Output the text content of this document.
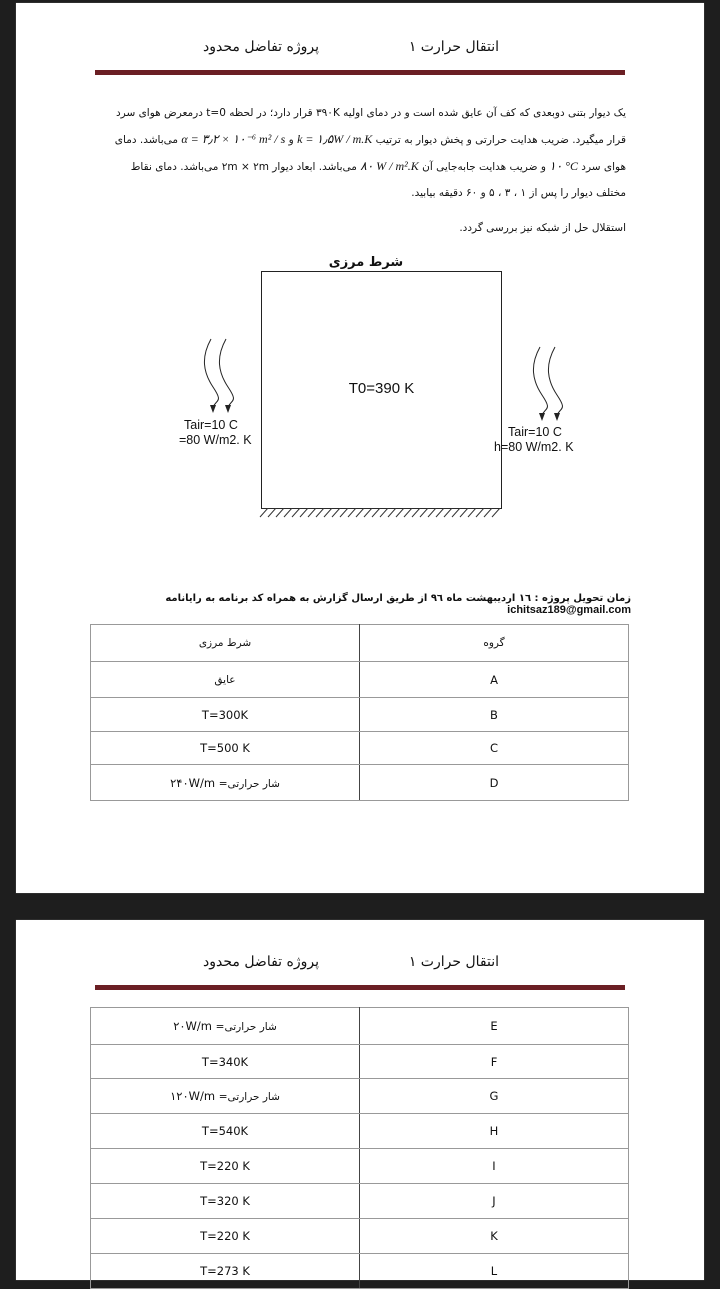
انتقال حرارت ۱
پروژه تفاضل محدود
یک دیوار بتنی دوبعدی که کف آن عایق شده است و در دمای اولیه ۳۹۰K قرار دارد؛ در لحظه t=0 درمعرض هوای سرد
قرار میگیرد. ضریب هدایت حرارتی و پخش دیوار به ترتیب k = ۱٫۵W / m.K و α = ۳٫۲ × ۱۰⁻⁶ m² / s می‌باشد. دمای
هوای سرد ۱۰ °C و ضریب هدایت جابه‌جایی آن ۸۰ W / m².K می‌باشد. ابعاد دیوار ۲m × ۲m می‌باشد. دمای نقاط
مختلف دیوار را پس از ۱ ، ۳ ، ۵ و ۶۰ دقیقه بیابید.
استقلال حل از شبکه نیز بررسی گردد.
شرط مرزی
T0=390 K
Tair=10 C
=80 W/m2. K
Tair=10 C
h=80 W/m2. K
زمان تحویل پروژه : ١٦ اردیبهشت ماه ٩٦ از طریق ارسال گزارش به همراه کد برنامه به رایانامه ichitsaz189@gmail.com
شرط مرزی	گروه
عایق	A
T=300K	B
T=500 K	C
شار حرارتی= ۲۴۰W/m	D
انتقال حرارت ۱
پروژه تفاضل محدود
شار حرارتی= ۲۰W/m	E
T=340K	F
شار حرارتی= ۱۲۰W/m	G
T=540K	H
T=220 K	I
T=320 K	J
T=220 K	K
T=273 K	L
